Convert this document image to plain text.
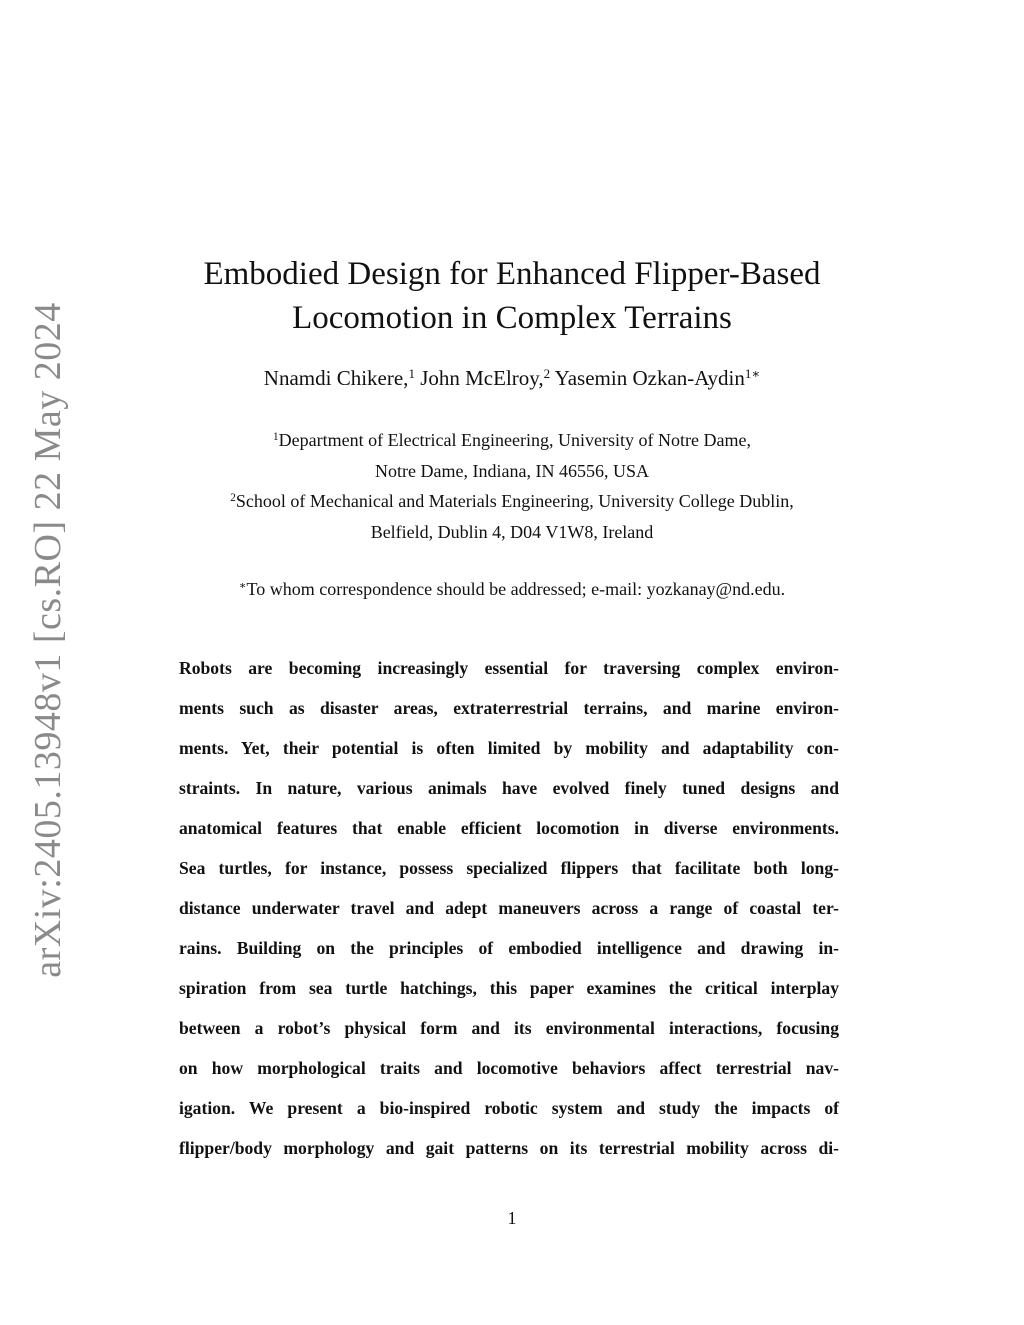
arXiv:2405.13948v1 [cs.RO] 22 May 2024
Embodied Design for Enhanced Flipper-Based
Locomotion in Complex Terrains
Nnamdi Chikere,$^1$ John McElroy,$^2$ Yasemin Ozkan-Aydin$^{1∗}$
$^1$Department of Electrical Engineering, University of Notre Dame,
Notre Dame, Indiana, IN 46556, USA
$^2$School of Mechanical and Materials Engineering, University College Dublin,
Belfield, Dublin 4, D04 V1W8, Ireland
∗To whom correspondence should be addressed; e-mail: yozkanay@nd.edu.
Robots are becoming increasingly essential for traversing complex environ-
ments such as disaster areas, extraterrestrial terrains, and marine environ-
ments. Yet, their potential is often limited by mobility and adaptability con-
straints. In nature, various animals have evolved finely tuned designs and
anatomical features that enable efficient locomotion in diverse environments.
Sea turtles, for instance, possess specialized flippers that facilitate both long-
distance underwater travel and adept maneuvers across a range of coastal ter-
rains. Building on the principles of embodied intelligence and drawing in-
spiration from sea turtle hatchings, this paper examines the critical interplay
between a robot’s physical form and its environmental interactions, focusing
on how morphological traits and locomotive behaviors affect terrestrial nav-
igation. We present a bio-inspired robotic system and study the impacts of
flipper/body morphology and gait patterns on its terrestrial mobility across di-
1
